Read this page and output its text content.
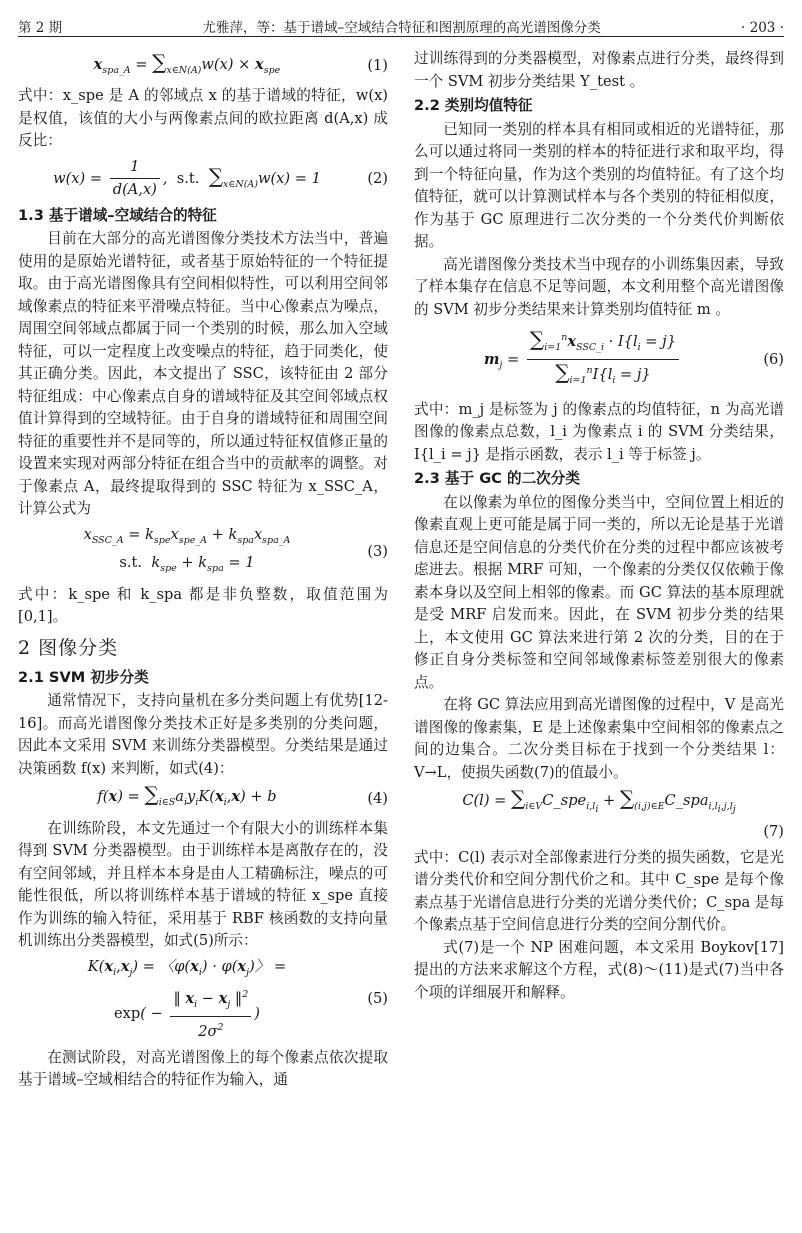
第 2 期	尤雅萍，等：基于谱域–空域结合特征和图割原理的高光谱图像分类	· 203 ·
$x_{spa\_A} = \sum_{x\in N(A)}w(x) \times x_{spe}$	(1)

式中：x_spe 是 A 的邻域点 x 的基于谱域的特征，w(x) 是权值，该值的大小与两像素点间的欧拉距离 d(A,x) 成反比：

$w(x) = \frac{1}{d(A,x)}$ ,  s.t. $\sum_{x\in N(A)}w(x) = 1$	(2)
1.3 基于谱域–空域结合的特征

目前在大部分的高光谱图像分类技术方法当中，普遍使用的是原始光谱特征，或者基于原始特征的一个特征提取。由于高光谱图像具有空间相似特性，可以利用空间邻域像素点的特征来平滑噪点特征。当中心像素点为噪点，周围空间邻域点都属于同一个类别的时候，那么加入空域特征，可以一定程度上改变噪点的特征，趋于同类化，使其正确分类。因此，本文提出了 SSC，该特征由 2 部分特征组成：中心像素点自身的谱域特征及其空间邻域点权值计算得到的空域特征。由于自身的谱域特征和周围空间特征的重要性并不是同等的，所以通过特征权值修正量的设置来实现对两部分特征在组合当中的贡献率的调整。对于像素点 A，最终提取得到的 SSC 特征为 x_SSC_A，计算公式为

$x_{SSC\_A} = k_{spe}x_{spe\_A} + k_{spa}x_{spa\_A}$
s.t.  $k_{spe} + k_{spa} = 1$
(3)

式中：k_spe 和 k_spa 都是非负整数，取值范围为[0,1]。

2 图像分类
2.1 SVM 初步分类

通常情况下，支持向量机在多分类问题上有优势[12-16]。而高光谱图像分类技术正好是多类别的分类问题，因此本文采用 SVM 来训练分类器模型。分类结果是通过决策函数 f(x) 来判断，如式(4)：

$f(x) = \sum_{i\in S}a_iy_iK(x_i,x) + b$	(4)

在训练阶段，本文先通过一个有限大小的训练样本集得到 SVM 分类器模型。由于训练样本是离散存在的，没有空间邻域，并且样本本身是由人工精确标注，噪点的可能性很低，所以将训练样本基于谱域的特征 x_spe 直接作为训练的输入特征，采用基于 RBF 核函数的支持向量机训练出分类器模型，如式(5)所示：

$K(x_i,x_j)$ = 〈$\varphi(x_i) \cdot \varphi(x_j)$〉 =
$\exp( - \frac{‖ x_i - x_j ‖^2}{2\sigma^2}$ )
(5)

在测试阶段，对高光谱图像上的每个像素点依次提取基于谱域–空域相结合的特征作为输入，通

过训练得到的分类器模型，对像素点进行分类，最终得到一个 SVM 初步分类结果 Y_test 。

2.2 类别均值特征

已知同一类别的样本具有相同或相近的光谱特征，那么可以通过将同一类别的样本的特征进行求和取平均，得到一个特征向量，作为这个类别的均值特征。有了这个均值特征，就可以计算测试样本与各个类别的特征相似度，作为基于 GC 原理进行二次分类的一个分类代价判断依据。

高光谱图像分类技术当中现存的小训练集因素，导致了样本集存在信息不足等问题，本文利用整个高光谱图像的 SVM 初步分类结果来计算类别均值特征 m 。

$m_j = \frac{\sum_{i=1}^nx_{SSC\_i} \cdot I\{l_i = j\}}{\sum_{i=1}^nI\{l_i = j\}}$	(6)

式中：m_j 是标签为 j 的像素点的均值特征，n 为高光谱图像的像素点总数，l_i 为像素点 i 的 SVM 分类结果，I{l_i = j} 是指示函数，表示 l_i 等于标签 j。

2.3 基于 GC 的二次分类

在以像素为单位的图像分类当中，空间位置上相近的像素直观上更可能是属于同一类的，所以无论是基于光谱信息还是空间信息的分类代价在分类的过程中都应该被考虑进去。根据 MRF 可知，一个像素的分类仅仅依赖于像素本身以及空间上相邻的像素。而 GC 算法的基本原理就是受 MRF 启发而来。因此，在 SVM 初步分类的结果上，本文使用 GC 算法来进行第 2 次的分类，目的在于修正自身分类标签和空间邻域像素标签差别很大的像素点。

在将 GC 算法应用到高光谱图像的过程中，V 是高光谱图像的像素集，E 是上述像素集中空间相邻的像素点之间的边集合。二次分类目标在于找到一个分类结果 l：V→L，使损失函数(7)的值最小。

$C(l) = \sum_{i\in V}C\_spe_{i,l_i}$ + $\sum_{(i,j)\in E}C\_spa_{i,l_i,j,l_j}$
(7)

式中：C(l) 表示对全部像素进行分类的损失函数，它是光谱分类代价和空间分割代价之和。其中 C_spe 是每个像素点基于光谱信息进行分类的光谱分类代价；C_spa 是每个像素点基于空间信息进行分类的空间分割代价。

式(7)是一个 NP 困难问题，本文采用 Boykov[17]提出的方法来求解这个方程，式(8)～(11)是式(7)当中各个项的详细展开和解释。
